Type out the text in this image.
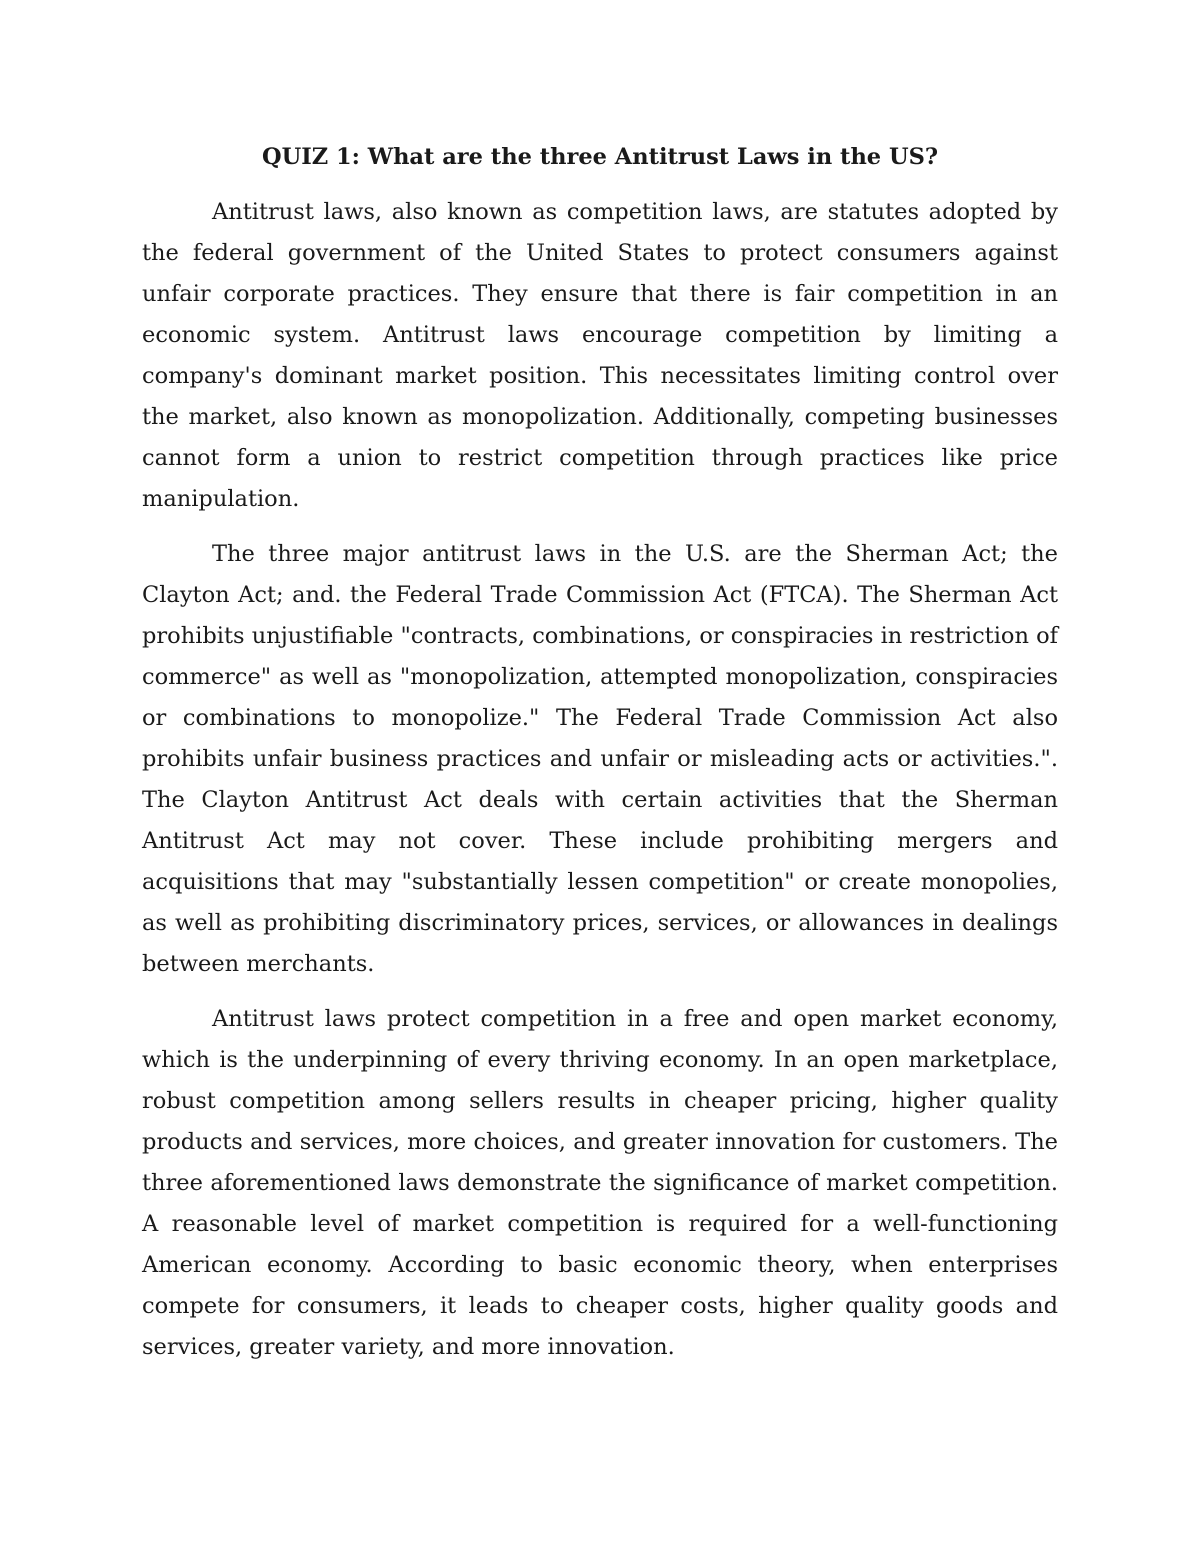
QUIZ 1: What are the three Antitrust Laws in the US?

Antitrust laws, also known as competition laws, are statutes adopted by the federal government of the United States to protect consumers against unfair corporate practices. They ensure that there is fair competition in an economic system. Antitrust laws encourage competition by limiting a company's dominant market position. This necessitates limiting control over the market, also known as monopolization. Additionally, competing businesses cannot form a union to restrict competition through practices like price manipulation.

The three major antitrust laws in the U.S. are the Sherman Act; the Clayton Act; and. the Federal Trade Commission Act (FTCA). The Sherman Act prohibits unjustifiable "contracts, combinations, or conspiracies in restriction of commerce" as well as "monopolization, attempted monopolization, conspiracies or combinations to monopolize." The Federal Trade Commission Act also prohibits unfair business practices and unfair or misleading acts or activities.". The Clayton Antitrust Act deals with certain activities that the Sherman Antitrust Act may not cover. These include prohibiting mergers and acquisitions that may "substantially lessen competition" or create monopolies, as well as prohibiting discriminatory prices, services, or allowances in dealings between merchants.

Antitrust laws protect competition in a free and open market economy, which is the underpinning of every thriving economy. In an open marketplace, robust competition among sellers results in cheaper pricing, higher quality products and services, more choices, and greater innovation for customers. The three aforementioned laws demonstrate the significance of market competition. A reasonable level of market competition is required for a well-functioning American economy. According to basic economic theory, when enterprises compete for consumers, it leads to cheaper costs, higher quality goods and services, greater variety, and more innovation.
